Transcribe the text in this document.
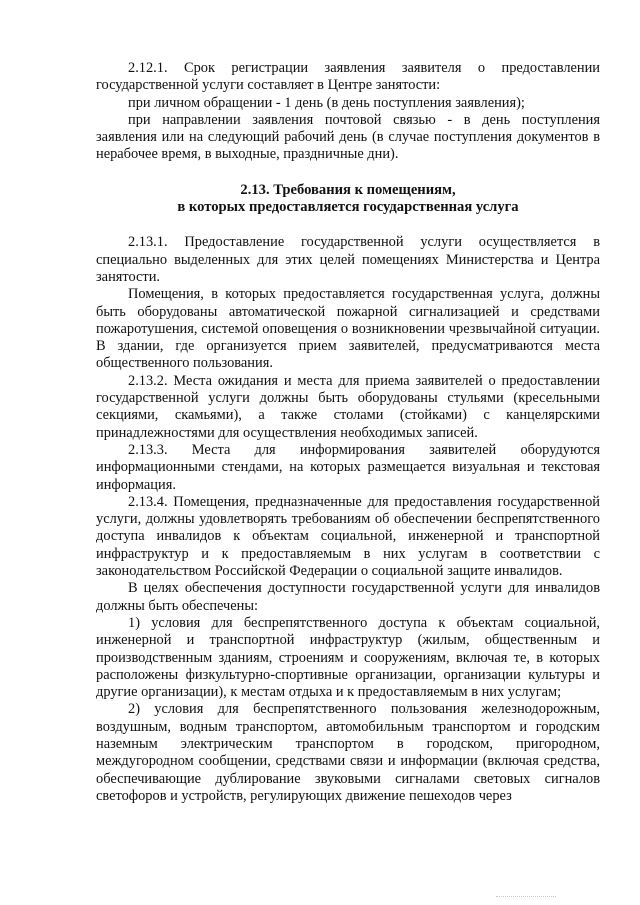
2.12.1. Срок регистрации заявления заявителя о предоставлении государственной услуги составляет в Центре занятости:

при личном обращении - 1 день (в день поступления заявления);

при направлении заявления почтовой связью - в день поступления заявления или на следующий рабочий день (в случае поступления документов в нерабочее время, в выходные, праздничные дни).

2.13. Требования к помещениям,
в которых предоставляется государственная услуга

2.13.1. Предоставление государственной услуги осуществляется в специально выделенных для этих целей помещениях Министерства и Центра занятости.

Помещения, в которых предоставляется государственная услуга, должны быть оборудованы автоматической пожарной сигнализацией и средствами пожаротушения, системой оповещения о возникновении чрезвычайной ситуации. В здании, где организуется прием заявителей, предусматриваются места общественного пользования.

2.13.2. Места ожидания и места для приема заявителей о предоставлении государственной услуги должны быть оборудованы стульями (кресельными секциями, скамьями), а также столами (стойками) с канцелярскими принадлежностями для осуществления необходимых записей.

2.13.3. Места для информирования заявителей оборудуются информационными стендами, на которых размещается визуальная и текстовая информация.

2.13.4. Помещения, предназначенные для предоставления государственной услуги, должны удовлетворять требованиям об обеспечении беспрепятственного доступа инвалидов к объектам социальной, инженерной и транспортной инфраструктур и к предоставляемым в них услугам в соответствии с законодательством Российской Федерации о социальной защите инвалидов.

В целях обеспечения доступности государственной услуги для инвалидов должны быть обеспечены:

1) условия для беспрепятственного доступа к объектам социальной, инженерной и транспортной инфраструктур (жилым, общественным и производственным зданиям, строениям и сооружениям, включая те, в которых расположены физкультурно-спортивные организации, организации культуры и другие организации), к местам отдыха и к предоставляемым в них услугам;

2) условия для беспрепятственного пользования железнодорожным, воздушным, водным транспортом, автомобильным транспортом и городским наземным электрическим транспортом в городском, пригородном, междугородном сообщении, средствами связи и информации (включая средства, обеспечивающие дублирование звуковыми сигналами световых сигналов светофоров и устройств, регулирующих движение пешеходов через
